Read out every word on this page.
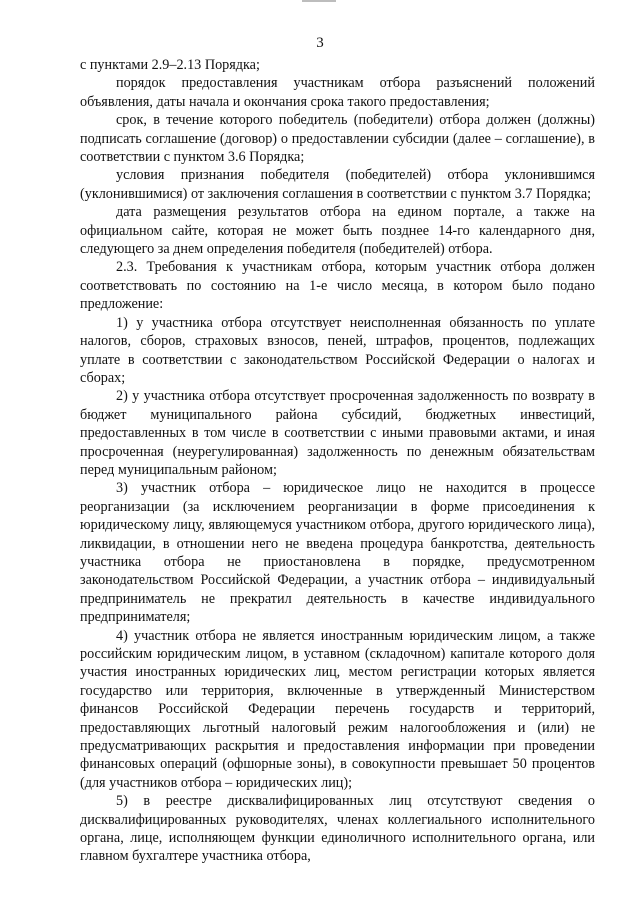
3

с пунктами 2.9–2.13 Порядка;

порядок предоставления участникам отбора разъяснений положений объявления, даты начала и окончания срока такого предоставления;

срок, в течение которого победитель (победители) отбора должен (должны) подписать соглашение (договор) о предоставлении субсидии (далее – соглашение), в соответствии с пунктом 3.6 Порядка;

условия признания победителя (победителей) отбора уклонившимся (уклонившимися) от заключения соглашения в соответствии с пунктом 3.7 Порядка;

дата размещения результатов отбора на едином портале, а также на официальном сайте, которая не может быть позднее 14-го календарного дня, следующего за днем определения победителя (победителей) отбора.

2.3. Требования к участникам отбора, которым участник отбора должен соответствовать по состоянию на 1-е число месяца, в котором было подано предложение:

1) у участника отбора отсутствует неисполненная обязанность по уплате налогов, сборов, страховых взносов, пеней, штрафов, процентов, подлежащих уплате в соответствии с законодательством Российской Федерации о налогах и сборах;

2) у участника отбора отсутствует просроченная задолженность по возврату в бюджет муниципального района субсидий, бюджетных инвестиций, предоставленных в том числе в соответствии с иными правовыми актами, и иная просроченная (неурегулированная) задолженность по денежным обязательствам перед муниципальным районом;

3) участник отбора – юридическое лицо не находится в процессе реорганизации (за исключением реорганизации в форме присоединения к юридическому лицу, являющемуся участником отбора, другого юридического лица), ликвидации, в отношении него не введена процедура банкротства, деятельность участника отбора не приостановлена в порядке, предусмотренном законодательством Российской Федерации, а участник отбора – индивидуальный предприниматель не прекратил деятельность в качестве индивидуального предпринимателя;

4) участник отбора не является иностранным юридическим лицом, а также российским юридическим лицом, в уставном (складочном) капитале которого доля участия иностранных юридических лиц, местом регистрации которых является государство или территория, включенные в утвержденный Министерством финансов Российской Федерации перечень государств и территорий, предоставляющих льготный налоговый режим налогообложения и (или) не предусматривающих раскрытия и предоставления информации при проведении финансовых операций (офшорные зоны), в совокупности превышает 50 процентов (для участников отбора – юридических лиц);

5) в реестре дисквалифицированных лиц отсутствуют сведения о дисквалифицированных руководителях, членах коллегиального исполнительного органа, лице, исполняющем функции единоличного исполнительного органа, или главном бухгалтере участника отбора,
